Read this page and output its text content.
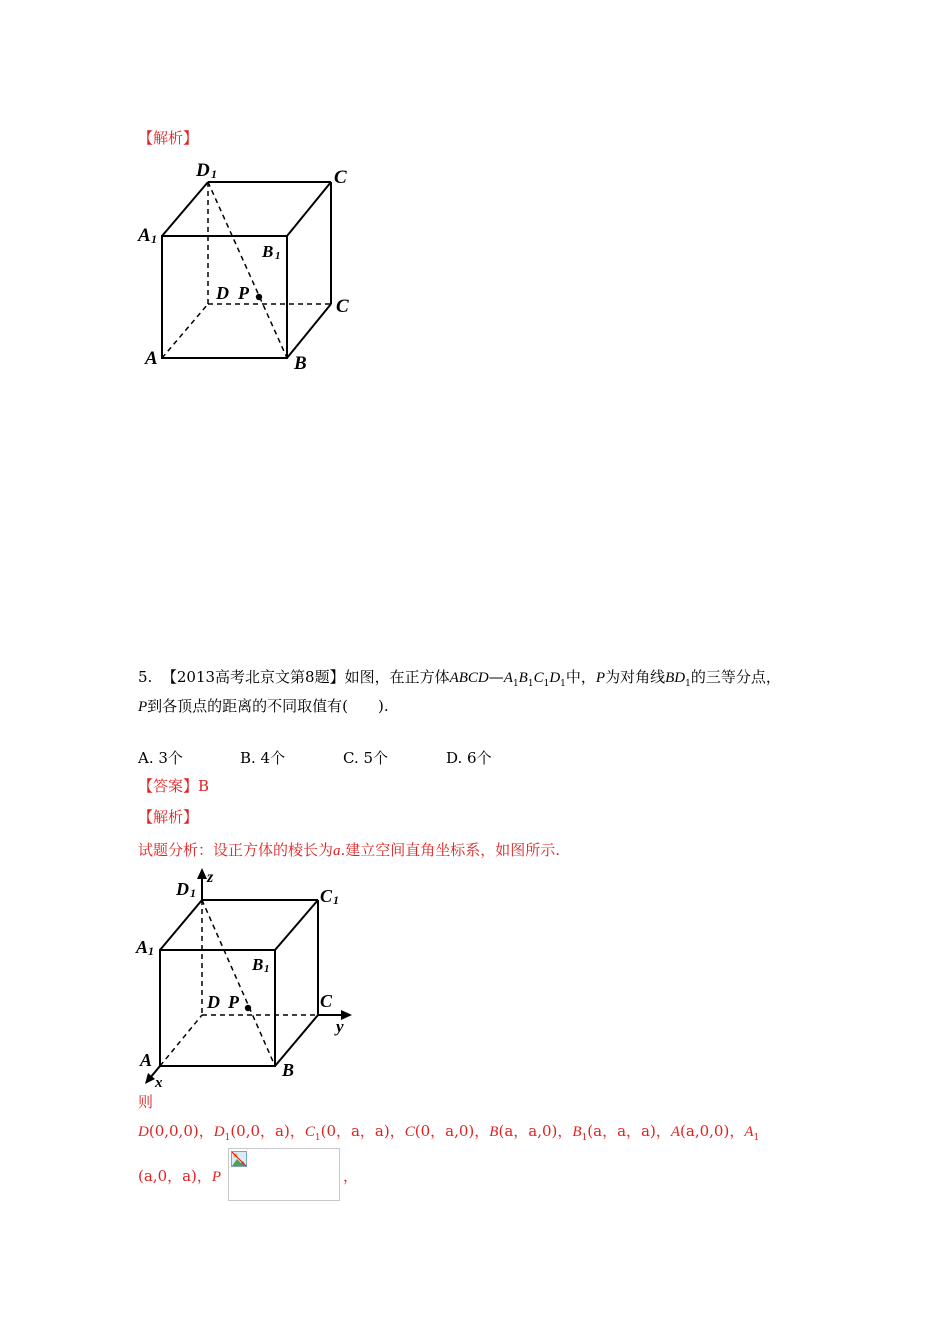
【解析】
D 1	C
A 1
B 1
D P
C
A	B
5. 【2013高考北京文第8题】如图，在正方体$ABCD—A_1B_1C_1D_1$中，P为对角线$BD_1$的三等分点，
P到各顶点的距离的不同取值有(　　).
A. 3个	B. 4个	C. 5个	D. 6个
【答案】B
【解析】
试题分析：设正方体的棱长为a.建立空间直角坐标系，如图所示.
D 1
z
C 1
A 1
B 1
D P	C
y
A	B
x
则
D(0,0,0)，$D_1(0,0$，a)，$C_1(0$，a，a)，C(0，a,0)，B(a，a,0)，$B_1(a$，a，a)，A(a,0,0)，$A_1$
(a,0，a)，P	，
